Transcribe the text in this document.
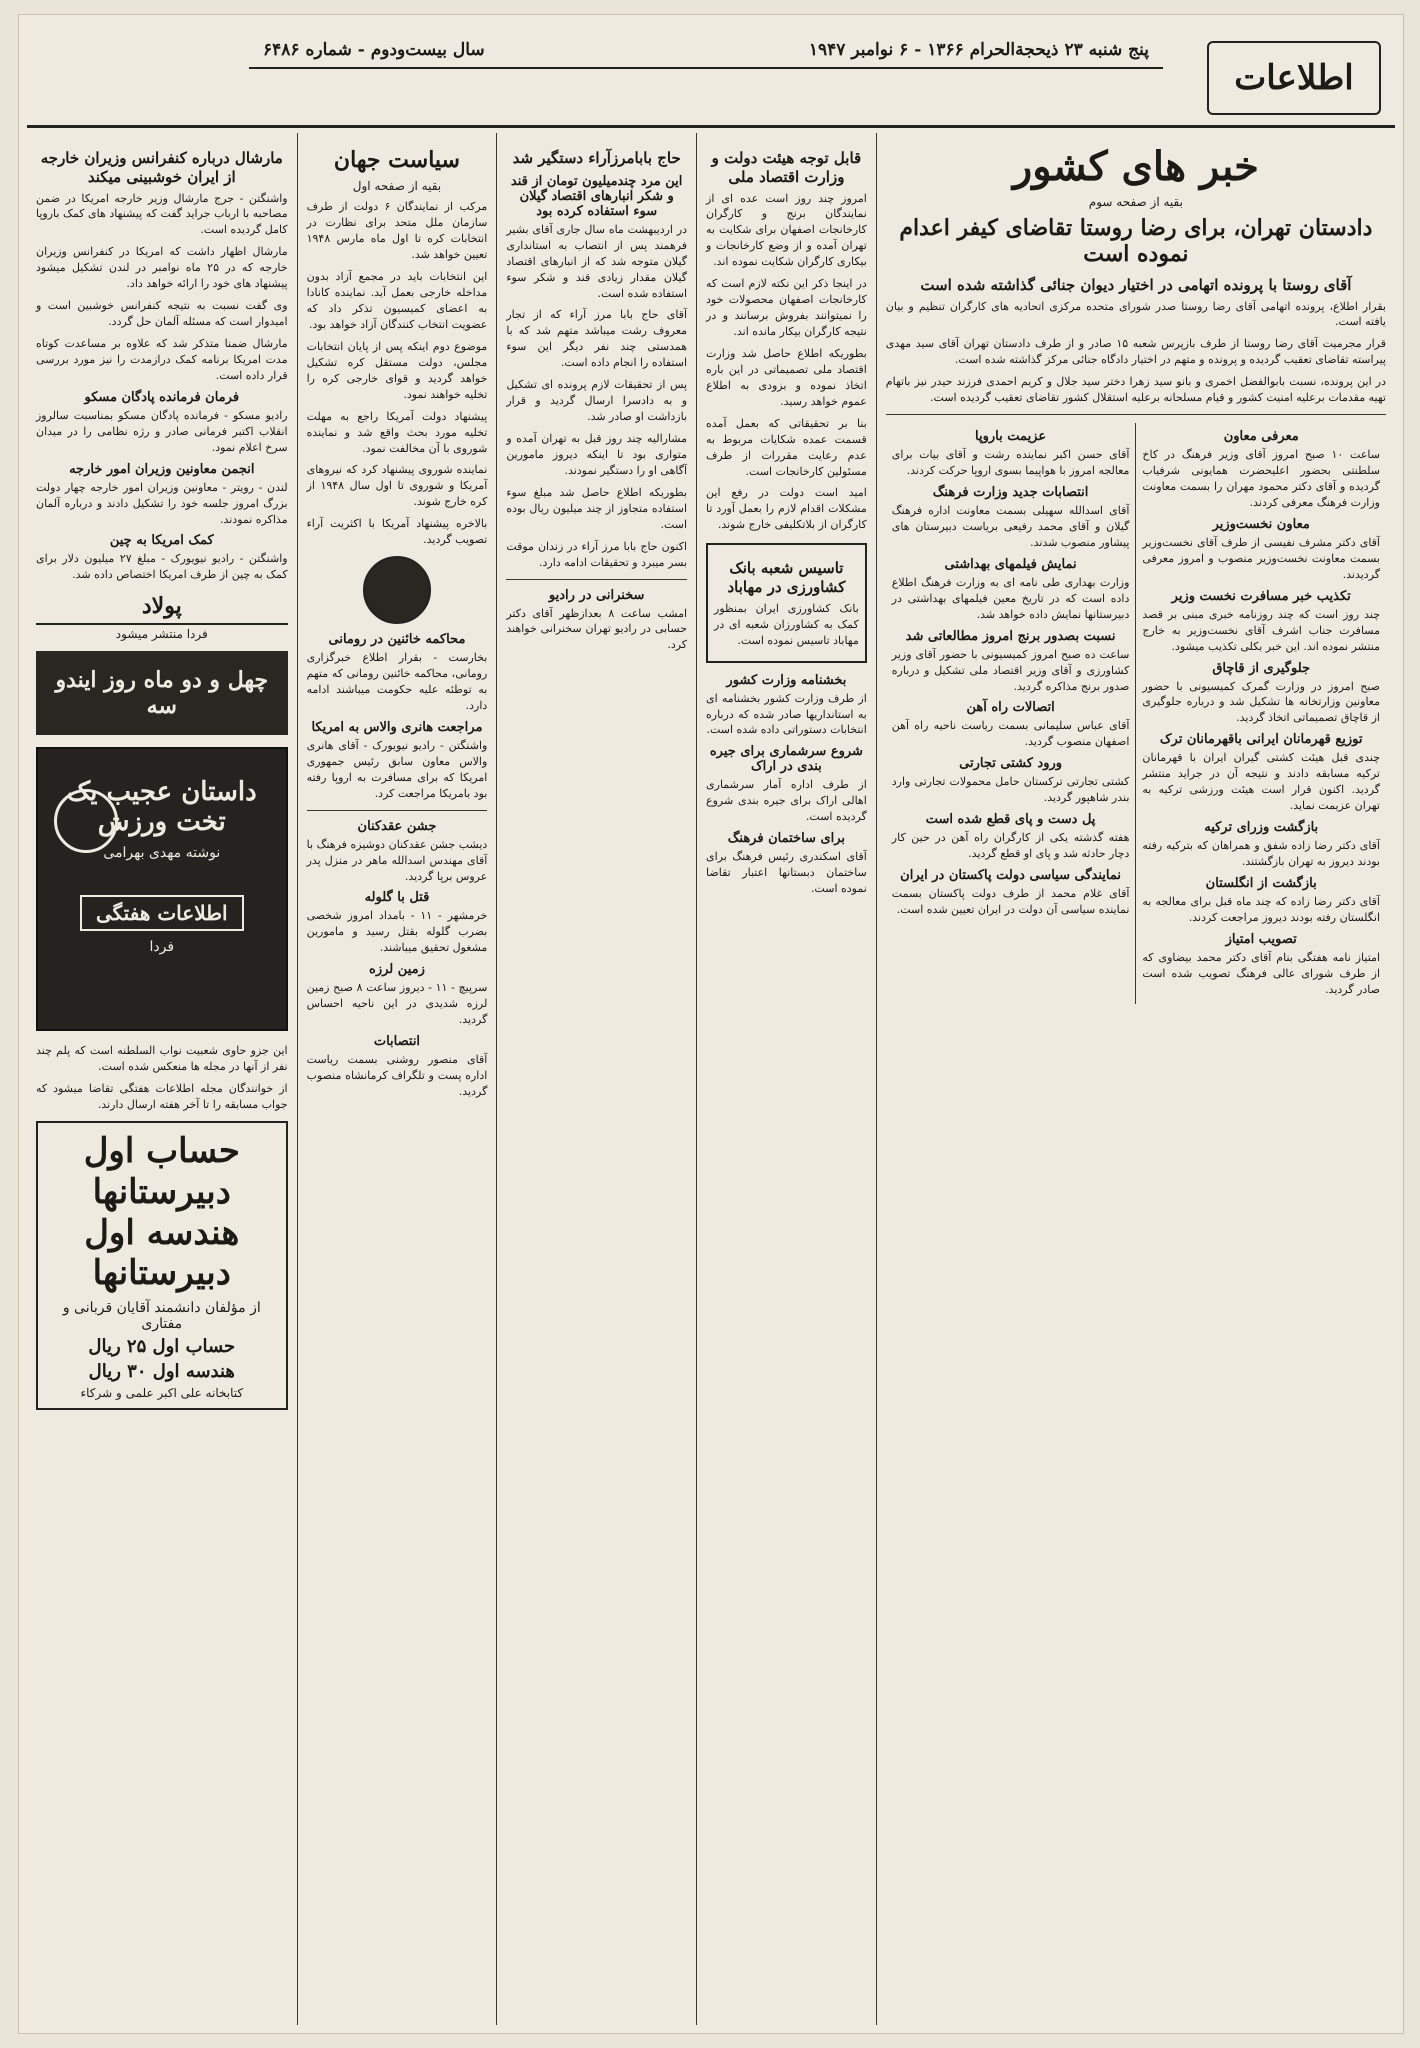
اطلاعات
پنج شنبه ۲۳ ذیحجةالحرام ۱۳۶۶ - ۶ نوامبر ۱۹۴۷
سال بیست‌ودوم - شماره ۶۴۸۶
خبر های کشور
بقیه از صفحه سوم
دادستان تهران، برای رضا روستا تقاضای کیفر اعدام نموده است
آقای روستا با پرونده اتهامی در اختیار دیوان جنائی گذاشته شده است

بقرار اطلاع، پرونده اتهامی آقای رضا روستا صدر شورای متحده مرکزی اتحادیه های کارگران تنظیم و بیان یافته است.

قرار مجرمیت آقای رضا روستا از طرف بازپرس شعبه ۱۵ صادر و از طرف دادستان تهران آقای سید مهدی پیراسته تقاضای تعقیب گردیده و پرونده و متهم در اختیار دادگاه جنائی مرکز گذاشته شده است.

در این پرونده، نسبت بابوالفضل اخمری و بانو سید زهرا دختر سید جلال و کریم احمدی فرزند حیدر نیز باتهام تهیه مقدمات برعلیه امنیت کشور و قیام مسلحانه برعلیه استقلال کشور تقاضای تعقیب گردیده است.

معرفی معاون

ساعت ۱۰ صبح امروز آقای وزیر فرهنگ در کاخ سلطنتی بحضور اعلیحضرت همایونی شرفیاب گردیده و آقای دکتر محمود مهران را بسمت معاونت وزارت فرهنگ معرفی کردند.

معاون نخست‌وزیر

آقای دکتر مشرف نفیسی از طرف آقای نخست‌وزیر بسمت معاونت نخست‌وزیر منصوب و امروز معرفی گردیدند.

تکذیب خبر مسافرت نخست وزیر

چند روز است که چند روزنامه خبری مبنی بر قصد مسافرت جناب اشرف آقای نخست‌وزیر به خارج منتشر نموده اند. این خبر بکلی تکذیب میشود.

جلوگیری از قاچاق

صبح امروز در وزارت گمرک کمیسیونی با حضور معاونین وزارتخانه ها تشکیل شد و درباره جلوگیری از قاچاق تصمیماتی اتخاذ گردید.

توزیع قهرمانان ایرانی باقهرمانان ترک

چندی قبل هیئت کشتی گیران ایران با قهرمانان ترکیه مسابقه دادند و نتیجه آن در جراید منتشر گردید. اکنون قرار است هیئت ورزشی ترکیه به تهران عزیمت نماید.

بازگشت وزرای ترکیه

آقای دکتر رضا زاده شفق و همراهان که بترکیه رفته بودند دیروز به تهران بازگشتند.

بازگشت از انگلستان

آقای دکتر رضا زاده که چند ماه قبل برای معالجه به انگلستان رفته بودند دیروز مراجعت کردند.

تصویب امتیاز

امتیاز نامه هفتگی بنام آقای دکتر محمد بیضاوی که از طرف شورای عالی فرهنگ تصویب شده است صادر گردید.

عزیمت باروپا

آقای حسن اکبر نماینده رشت و آقای بیات برای معالجه امروز با هواپیما بسوی اروپا حرکت کردند.

انتصابات جدید وزارت فرهنگ

آقای اسدالله سهیلی بسمت معاونت اداره فرهنگ گیلان و آقای محمد رفیعی بریاست دبیرستان های پیشاور منصوب شدند.

نمایش فیلمهای بهداشتی

وزارت بهداری طی نامه ای به وزارت فرهنگ اطلاع داده است که در تاریخ معین فیلمهای بهداشتی در دبیرستانها نمایش داده خواهد شد.

نسبت بصدور برنج امروز مطالعاتی شد

ساعت ده صبح امروز کمیسیونی با حضور آقای وزیر کشاورزی و آقای وزیر اقتصاد ملی تشکیل و درباره صدور برنج مذاکره گردید.

اتصالات راه آهن

آقای عباس سلیمانی بسمت ریاست ناحیه راه آهن اصفهان منصوب گردید.

ورود کشتی تجارتی

کشتی تجارتی ترکستان حامل محمولات تجارتی وارد بندر شاهپور گردید.

پل دست و پای قطع شده است

هفته گذشته یکی از کارگران راه آهن در حین کار دچار حادثه شد و پای او قطع گردید.

نمایندگی سیاسی دولت پاکستان در ایران

آقای غلام محمد از طرف دولت پاکستان بسمت نماینده سیاسی آن دولت در ایران تعیین شده است.

قابل توجه هیئت دولت و وزارت اقتصاد ملی

امروز چند روز است عده ای از نمایندگان برنج و کارگران کارخانجات اصفهان برای شکایت به تهران آمده و از وضع کارخانجات و بیکاری کارگران شکایت نموده اند.

در اینجا ذکر این نکته لازم است که کارخانجات اصفهان محصولات خود را نمیتوانند بفروش برسانند و در نتیجه کارگران بیکار مانده اند.

بطوریکه اطلاع حاصل شد وزارت اقتصاد ملی تصمیماتی در این باره اتخاذ نموده و بزودی به اطلاع عموم خواهد رسید.

بنا بر تحقیقاتی که بعمل آمده قسمت عمده شکایات مربوط به عدم رعایت مقررات از طرف مسئولین کارخانجات است.

امید است دولت در رفع این مشکلات اقدام لازم را بعمل آورد تا کارگران از بلاتکلیفی خارج شوند.

تاسیس شعبه بانک کشاورزی در مهاباد

بانک کشاورزی ایران بمنظور کمک به کشاورزان شعبه ای در مهاباد تاسیس نموده است.

بخشنامه وزارت کشور

از طرف وزارت کشور بخشنامه ای به استانداریها صادر شده که درباره انتخابات دستوراتی داده شده است.

شروع سرشماری برای جیره بندی در اراک

از طرف اداره آمار سرشماری اهالی اراک برای جیره بندی شروع گردیده است.

برای ساختمان فرهنگ

آقای اسکندری رئیس فرهنگ برای ساختمان دبستانها اعتبار تقاضا نموده است.

حاج بابامرزآراء دستگیر شد
این مرد چندمیلیون تومان از قند و شکر انبارهای اقتصاد گیلان سوء استفاده کرده بود

در اردیبهشت ماه سال جاری آقای بشیر فرهمند پس از انتصاب به استانداری گیلان متوجه شد که از انبارهای اقتصاد گیلان مقدار زیادی قند و شکر سوء استفاده شده است.

آقای حاج بابا مرز آراء که از تجار معروف رشت میباشد متهم شد که با همدستی چند نفر دیگر این سوء استفاده را انجام داده است.

پس از تحقیقات لازم پرونده ای تشکیل و به دادسرا ارسال گردید و قرار بازداشت او صادر شد.

مشارالیه چند روز قبل به تهران آمده و متواری بود تا اینکه دیروز مامورین آگاهی او را دستگیر نمودند.

بطوریکه اطلاع حاصل شد مبلغ سوء استفاده متجاوز از چند میلیون ریال بوده است.

اکنون حاج بابا مرز آراء در زندان موقت بسر میبرد و تحقیقات ادامه دارد.

سخنرانی در رادیو

امشب ساعت ۸ بعدازظهر آقای دکتر حسابی در رادیو تهران سخنرانی خواهند کرد.

سیاست جهان
بقیه از صفحه اول

مرکب از نمایندگان ۶ دولت از طرف سازمان ملل متحد برای نظارت در انتخابات کره تا اول ماه مارس ۱۹۴۸ تعیین خواهد شد.

این انتخابات باید در مجمع آزاد بدون مداخله خارجی بعمل آید. نماینده کانادا به اعضای کمیسیون تذکر داد که عضویت انتخاب کنندگان آزاد خواهد بود.

موضوع دوم اینکه پس از پایان انتخابات مجلس، دولت مستقل کره تشکیل خواهد گردید و قوای خارجی کره را تخلیه خواهند نمود.

پیشنهاد دولت آمریکا راجع به مهلت تخلیه مورد بحث واقع شد و نماینده شوروی با آن مخالفت نمود.

نماینده شوروی پیشنهاد کرد که نیروهای آمریکا و شوروی تا اول سال ۱۹۴۸ از کره خارج شوند.

بالاخره پیشنهاد آمریکا با اکثریت آراء تصویب گردید.

محاکمه خائنین در رومانی

بخارست - بقرار اطلاع خبرگزاری رومانی، محاکمه خائنین رومانی که متهم به توطئه علیه حکومت میباشند ادامه دارد.

مراجعت هانری والاس به امریکا

واشنگتن - رادیو نیویورک - آقای هانری والاس معاون سابق رئیس جمهوری امریکا که برای مسافرت به اروپا رفته بود بامریکا مراجعت کرد.

جشن عقدکنان

دیشب جشن عقدکنان دوشیزه فرهنگ با آقای مهندس اسدالله ماهر در منزل پدر عروس برپا گردید.

قتل با گلوله

خرمشهر - ۱۱ - بامداد امروز شخصی بضرب گلوله بقتل رسید و مامورین مشغول تحقیق میباشند.

زمین لرزه

سرپیچ - ۱۱ - دیروز ساعت ۸ صبح زمین لرزه شدیدی در این ناحیه احساس گردید.

انتصابات

آقای منصور روشنی بسمت ریاست اداره پست و تلگراف کرمانشاه منصوب گردید.

مارشال درباره کنفرانس وزیران خارجه از ایران خوشبینی میکند

واشنگتن - جرج مارشال وزیر خارجه امریکا در ضمن مصاحبه با ارباب جراید گفت که پیشنهاد های کمک باروپا کامل گردیده است.

مارشال اظهار داشت که امریکا در کنفرانس وزیران خارجه که در ۲۵ ماه نوامبر در لندن تشکیل میشود پیشنهاد های خود را ارائه خواهد داد.

وی گفت نسبت به نتیجه کنفرانس خوشبین است و امیدوار است که مسئله آلمان حل گردد.

مارشال ضمنا متذکر شد که علاوه بر مساعدت کوتاه مدت امریکا برنامه کمک درازمدت را نیز مورد بررسی قرار داده است.

فرمان فرمانده پادگان مسکو

رادیو مسکو - فرمانده پادگان مسکو بمناسبت سالروز انقلاب اکتبر فرمانی صادر و رژه نظامی را در میدان سرخ اعلام نمود.

انجمن معاونین وزیران امور خارجه

لندن - رویتر - معاونین وزیران امور خارجه چهار دولت بزرگ امروز جلسه خود را تشکیل دادند و درباره آلمان مذاکره نمودند.

کمک امریکا به چین

واشنگتن - رادیو نیویورک - مبلغ ۲۷ میلیون دلار برای کمک به چین از طرف امریکا اختصاص داده شد.

پولاد
فردا منتشر میشود
چهل و دو ماه روز ایندو سه
داستان عجیب یک تخت ورزش
نوشته مهدی بهرامی
اطلاعات هفتگی
فردا

این جزو حاوی شعبیت نواب السلطنه است که پلم چند نفر از آنها در مجله ها منعکس شده است.

از خوانندگان مجله اطلاعات هفتگی تقاضا میشود که جواب مسابقه را تا آخر هفته ارسال دارند.

حساب اول دبیرستانها
هندسه اول دبیرستانها
از مؤلفان دانشمند آقایان قربانی و مفتاری
حساب اول ۲۵ ریال
هندسه اول ۳۰ ریال
کتابخانه علی اکبر علمی و شرکاء
